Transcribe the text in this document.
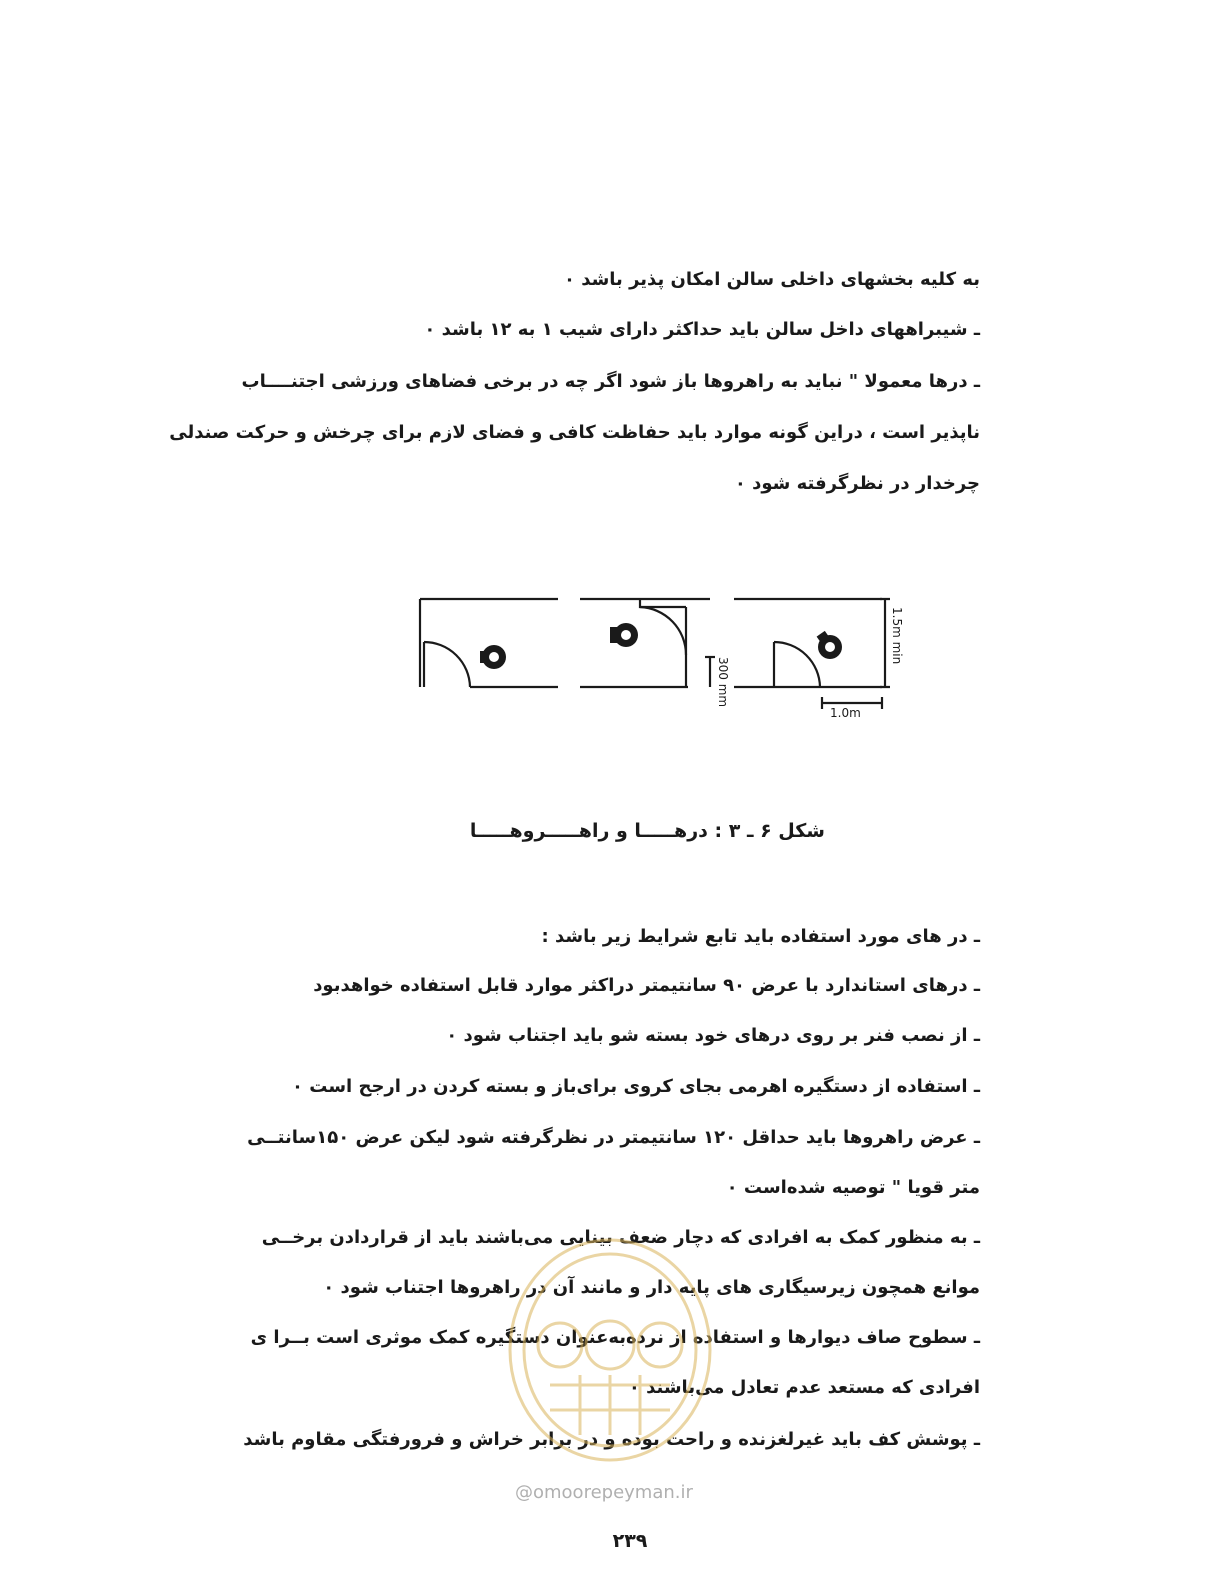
به کلیه بخشهای داخلی سالن امکان پذیر باشد ۰
ـ شیبراههای داخل سالن باید حداکثر دارای شیب ۱ به ۱۲ باشد ۰
ـ درها معمولا " نباید به راهروها باز شود اگر چه در برخی فضاهای ورزشی اجتنــــاب
ناپذیر است ، دراین گونه موارد باید حفاظت کافی و فضای لازم برای چرخش و حرکت صندلی
چرخدار در نظرگرفته شود ۰
1.5m min
300 mm
1.0m
شکل ۶ ـ ۳ : درهـــــا و راهـــــروهـــــا
ـ در های مورد استفاده باید تابع شرایط زیر باشد :
ـ درهای استاندارد با عرض ۹۰ سانتیمتر دراکثر موارد قابل استفاده خواهدبود
ـ از نصب فنر بر روی درهای خود بسته شو باید اجتناب شود ۰
ـ استفاده از دستگیره اهرمی بجای کروی برای‌باز و بسته کردن در ارجح است ۰
ـ عرض راهروها باید حداقل ۱۲۰ سانتیمتر در نظرگرفته شود لیکن عرض ۱۵۰سانتــی
متر قویا " توصیه شده‌است ۰
ـ به منظور کمک به افرادی که دچار ضعف بینایی می‌باشند باید از قراردادن برخــی
موانع همچون زیرسیگاری های پایه دار و مانند آن در راهروها اجتناب شود ۰
ـ سطوح صاف دیوارها و استفاده از نرده‌به‌عنوان دستگیره کمک موثری است بــرا ی
افرادی که مستعد عدم تعادل می‌باشند ۰
ـ پوشش کف باید غیرلغزنده و راحت بوده و در برابر خراش و فرورفتگی مقاوم باشد
@omoorepeyman.ir
۲۳۹
